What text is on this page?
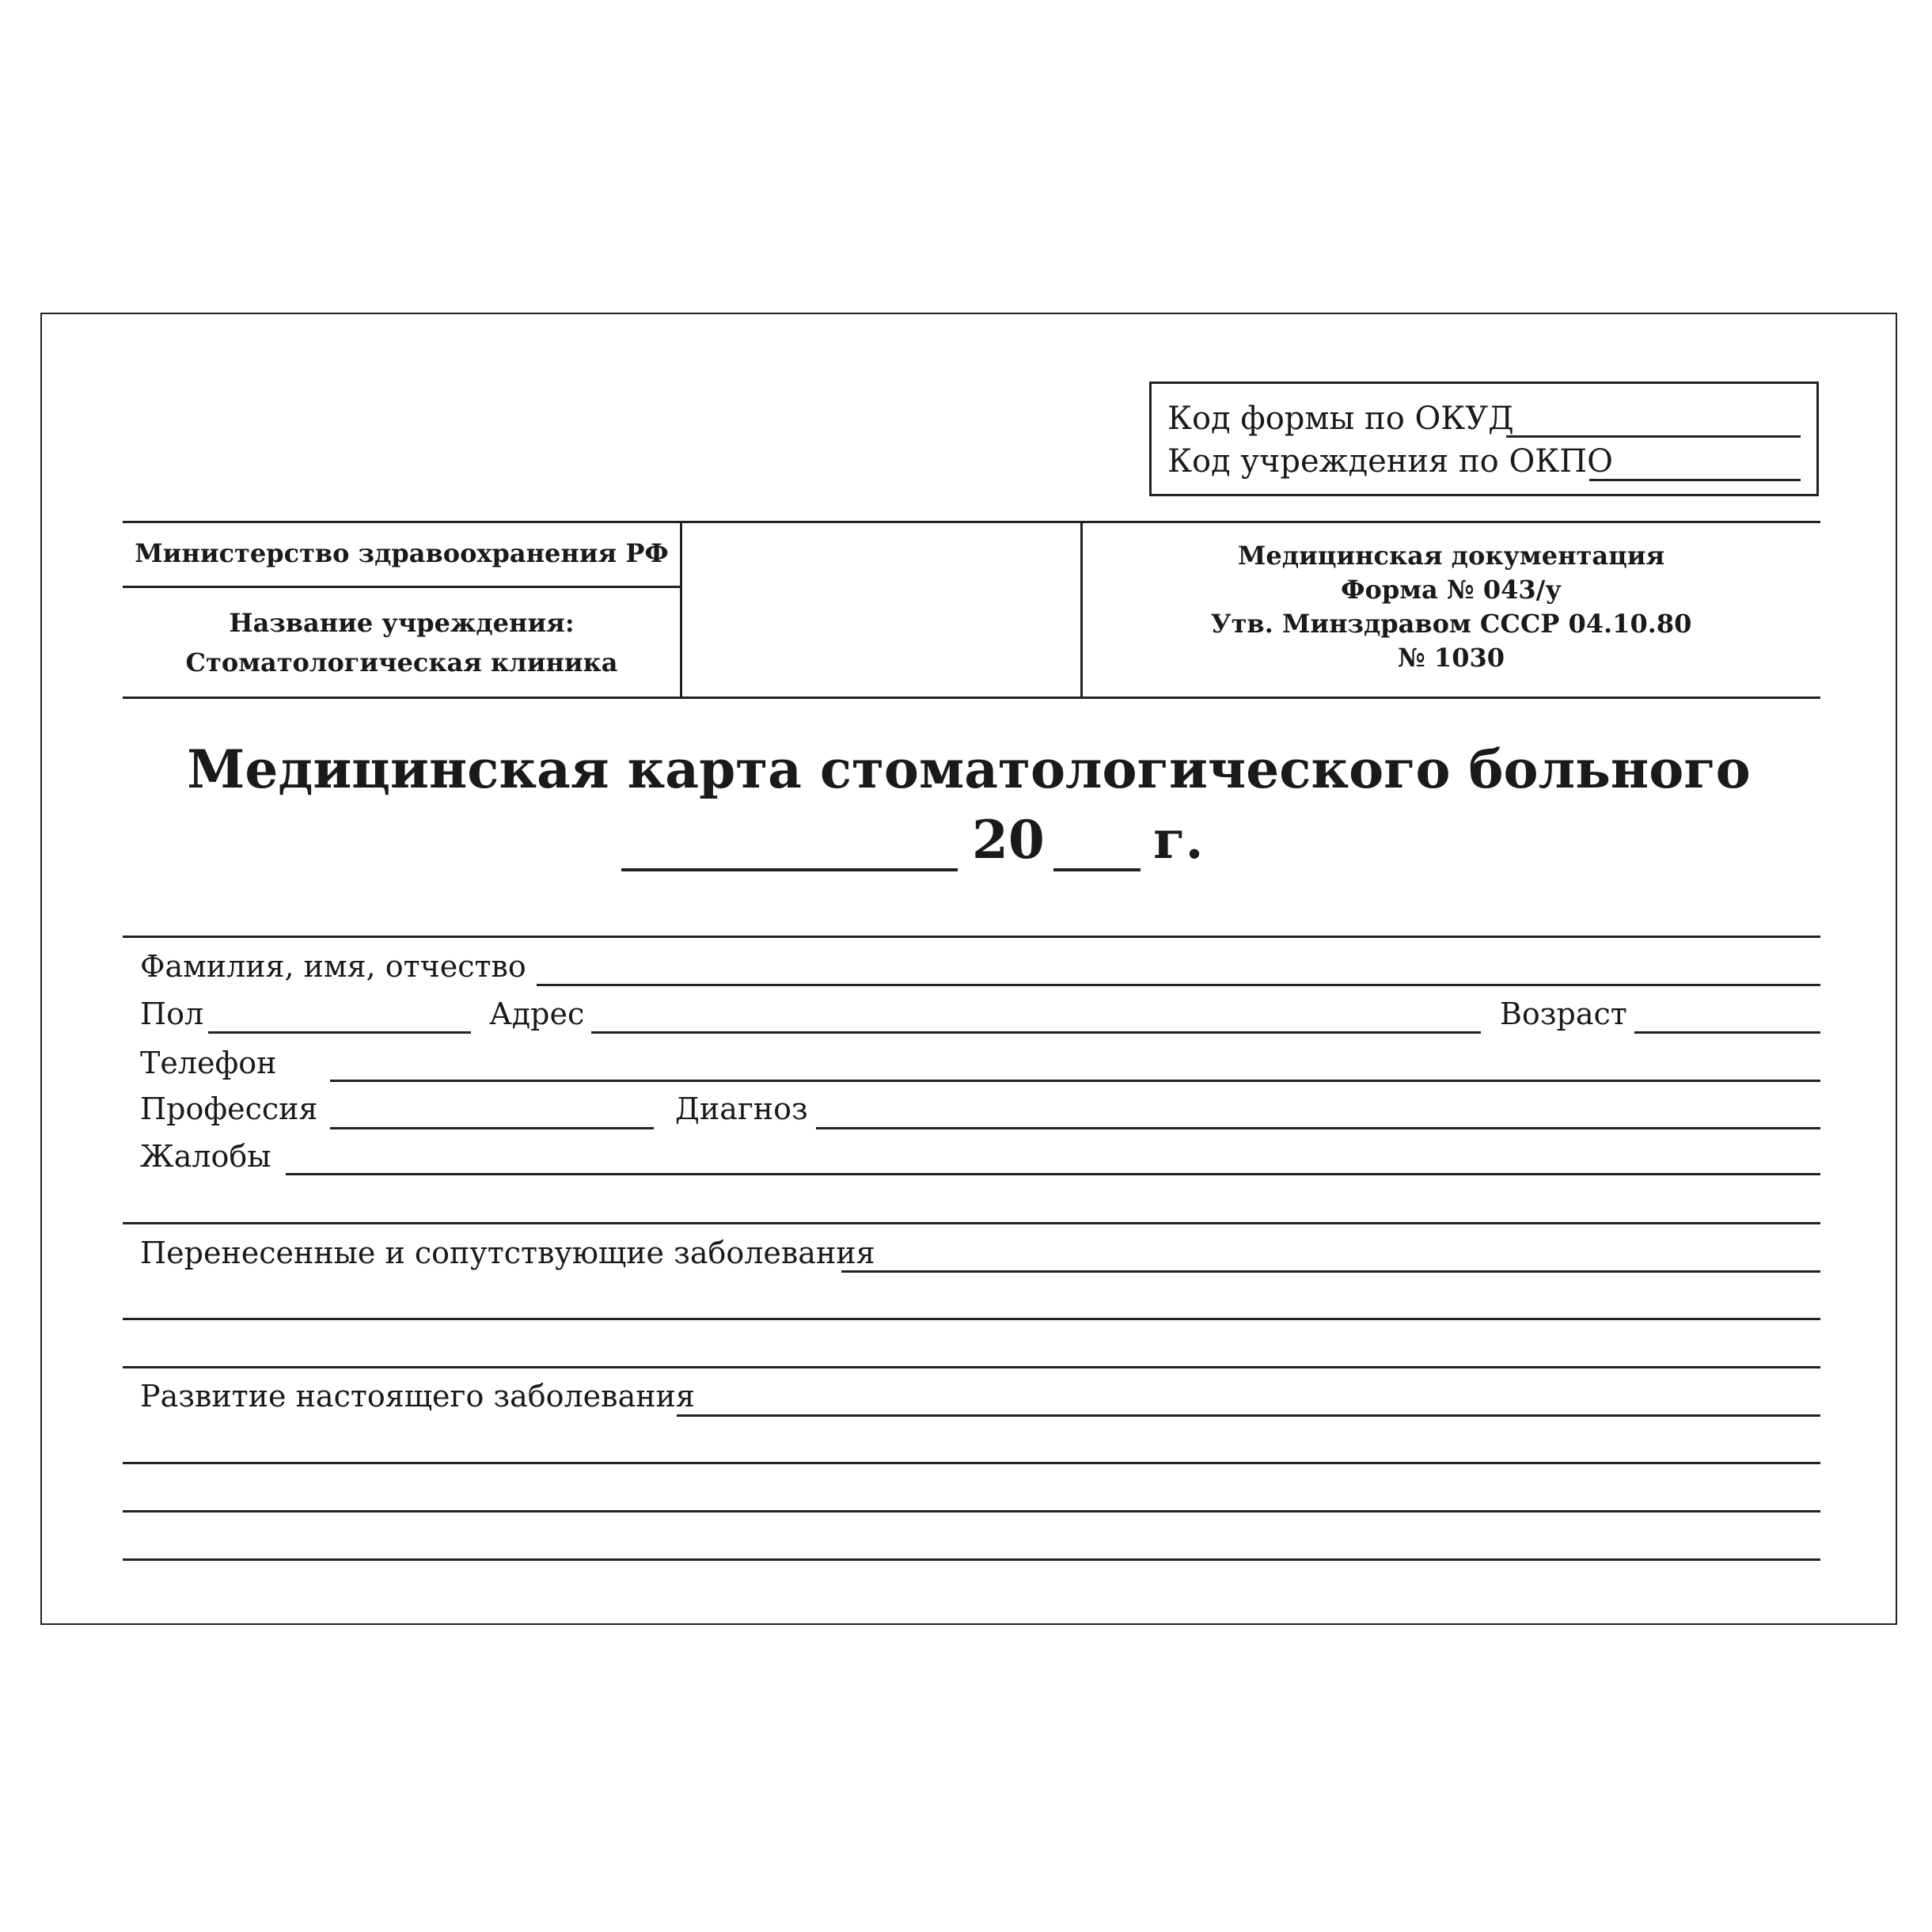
Код формы по ОКУД
Код учреждения по ОКПО
Министерство здравоохранения РФ
Название учреждения:
Стоматологическая клиника
Медицинская документация
Форма № 043/у
Утв. Минздравом СССР 04.10.80
№ 1030
Медицинская карта стоматологического больного
20 г.
Фамилия, имя, отчество
Пол	Адрес	Возраст
Телефон
Профессия	Диагноз
Жалобы
Перенесенные и сопутствующие заболевания
Развитие настоящего заболевания
